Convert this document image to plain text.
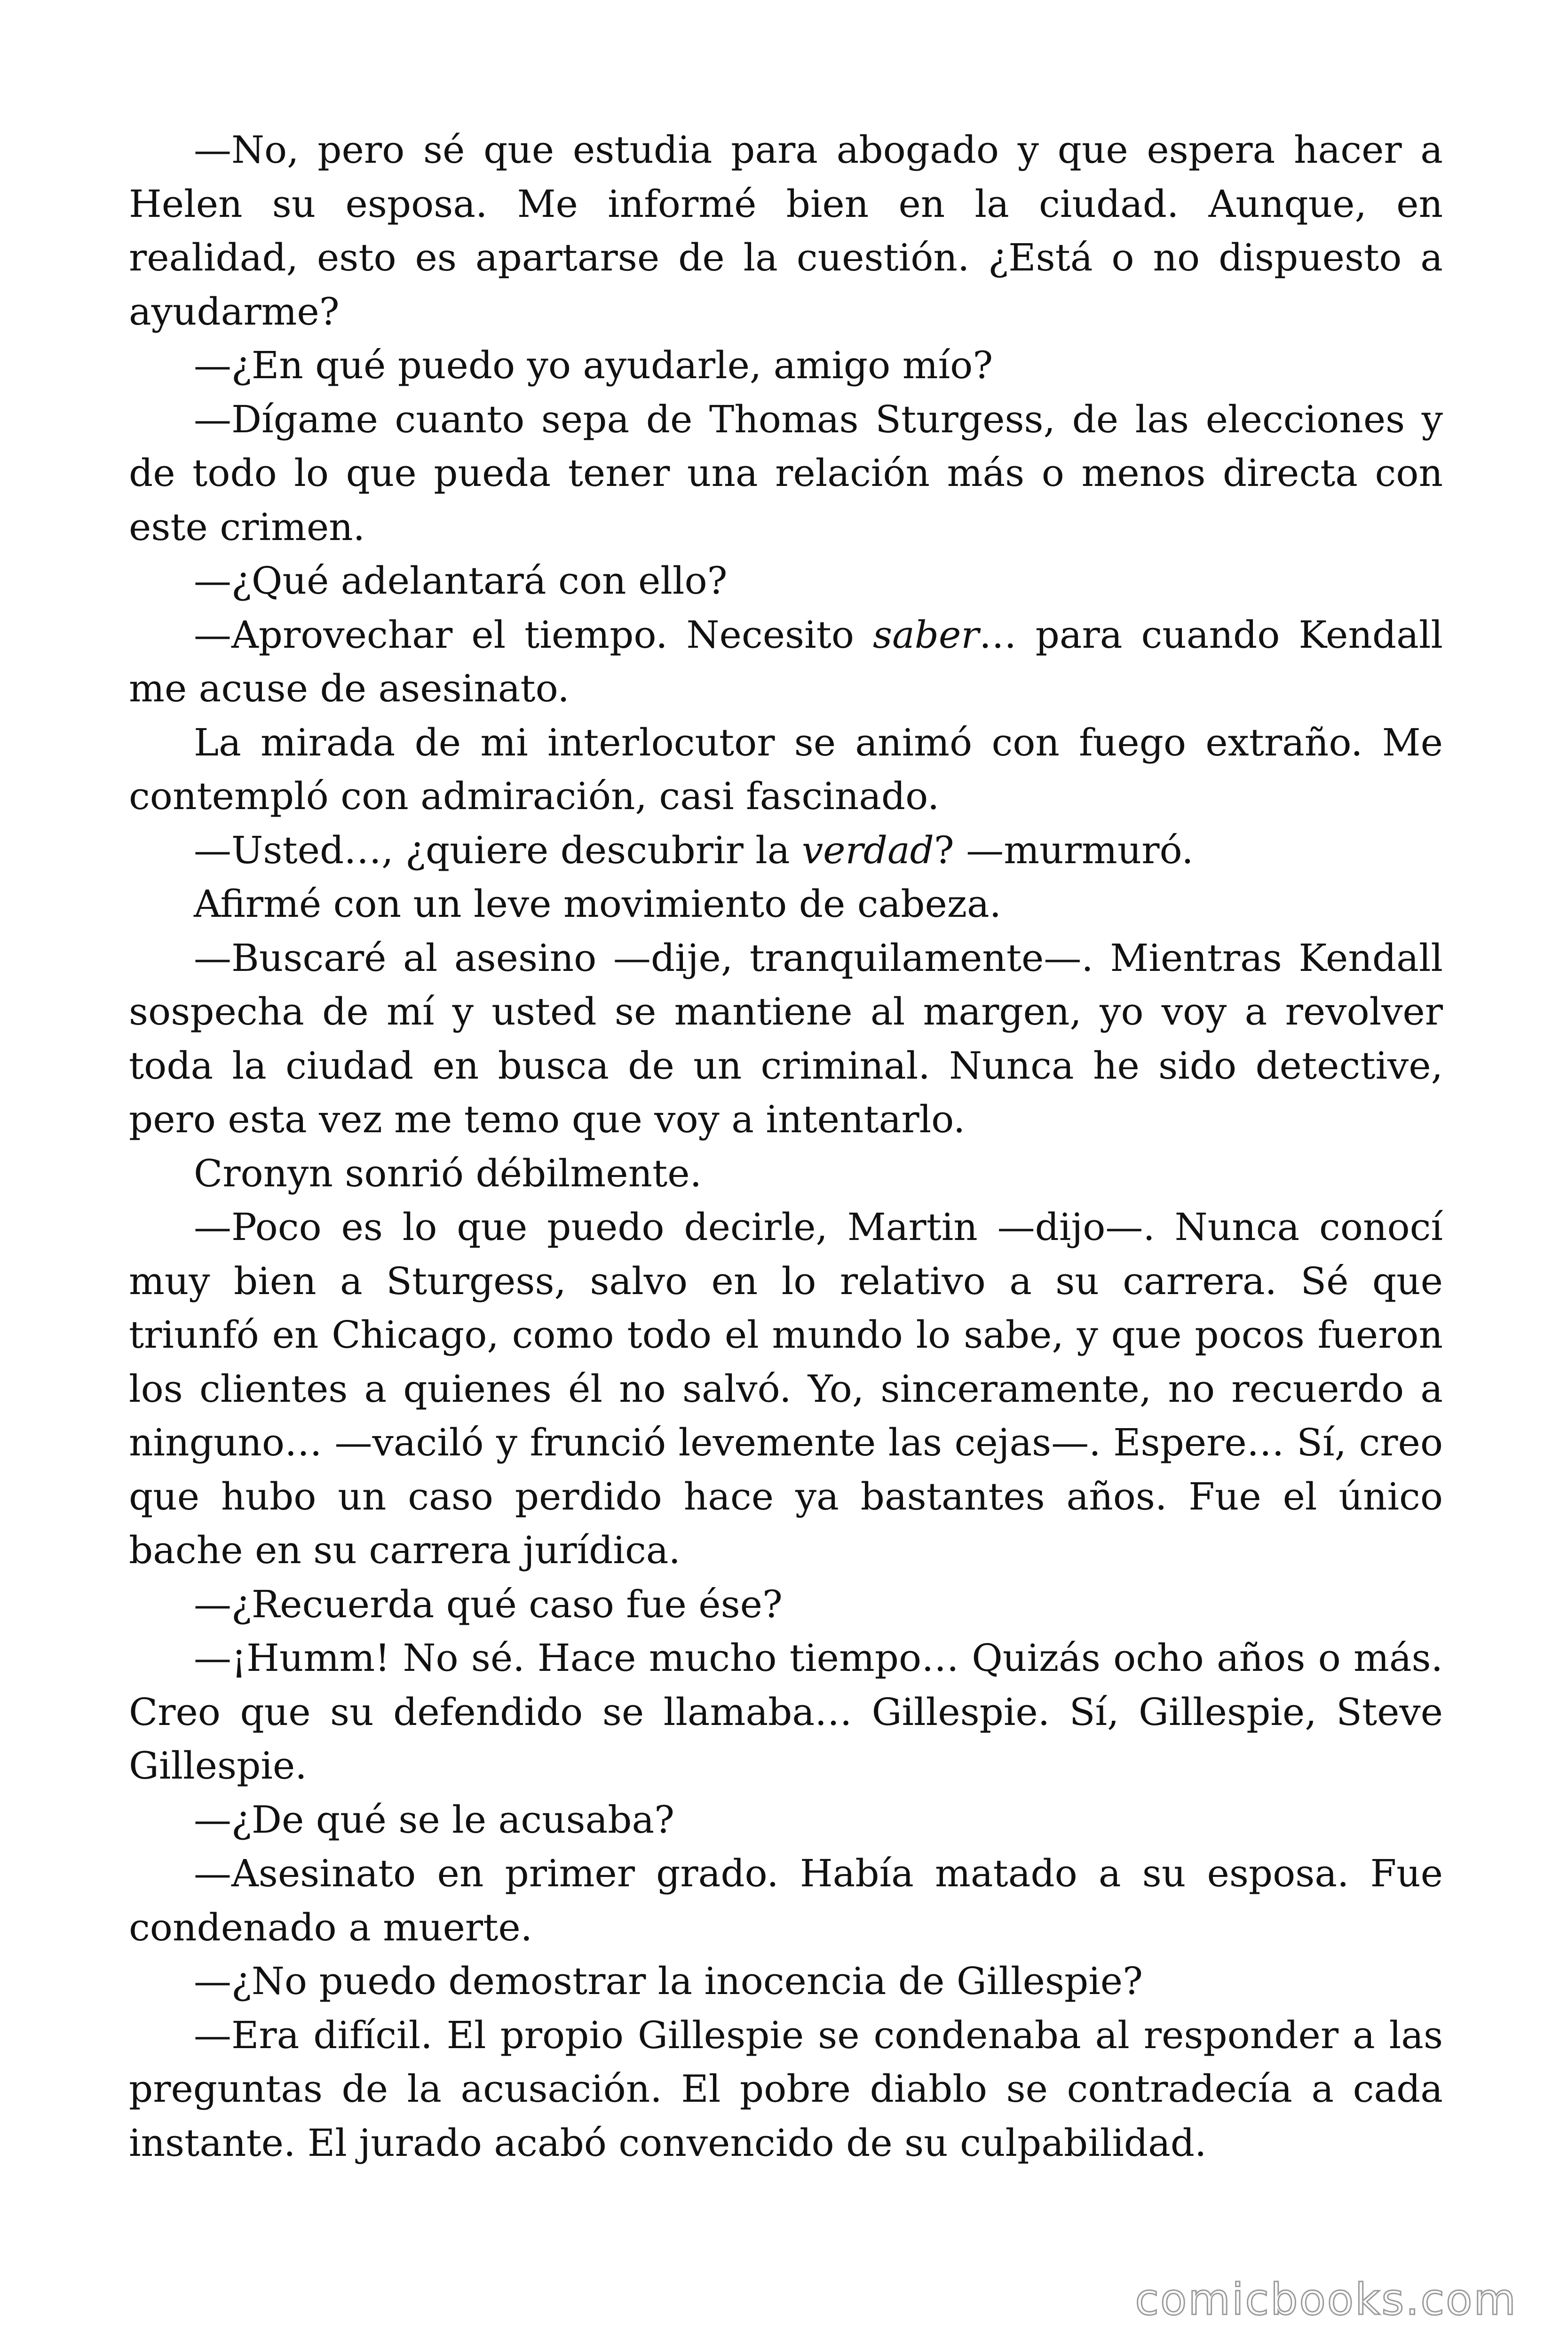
—No, pero sé que estudia para abogado y que espera hacer a Helen su esposa. Me informé bien en la ciudad. Aunque, en realidad, esto es apartarse de la cuestión. ¿Está o no dispuesto a ayudarme?

—¿En qué puedo yo ayudarle, amigo mío?

—Dígame cuanto sepa de Thomas Sturgess, de las elecciones y de todo lo que pueda tener una relación más o menos directa con este crimen.

—¿Qué adelantará con ello?

—Aprovechar el tiempo. Necesito saber… para cuando Kendall me acuse de asesinato.

La mirada de mi interlocutor se animó con fuego extraño. Me contempló con admiración, casi fascinado.

—Usted…, ¿quiere descubrir la verdad? —murmuró.

Afirmé con un leve movimiento de cabeza.

—Buscaré al asesino —dije, tranquilamente—. Mientras Kendall sospecha de mí y usted se mantiene al margen, yo voy a revolver toda la ciudad en busca de un criminal. Nunca he sido detective, pero esta vez me temo que voy a intentarlo.

Cronyn sonrió débilmente.

—Poco es lo que puedo decirle, Martin —dijo—. Nunca conocí muy bien a Sturgess, salvo en lo relativo a su carrera. Sé que triunfó en Chicago, como todo el mundo lo sabe, y que pocos fueron los clientes a quienes él no salvó. Yo, sinceramente, no recuerdo a ninguno… —vaciló y frunció levemente las cejas—. Espere… Sí, creo que hubo un caso perdido hace ya bastantes años. Fue el único bache en su carrera jurídica.

—¿Recuerda qué caso fue ése?

—¡Humm! No sé. Hace mucho tiempo… Quizás ocho años o más. Creo que su defendido se llamaba… Gillespie. Sí, Gillespie, Steve Gillespie.

—¿De qué se le acusaba?

—Asesinato en primer grado. Había matado a su esposa. Fue condenado a muerte.

—¿No puedo demostrar la inocencia de Gillespie?

—Era difícil. El propio Gillespie se condenaba al responder a las preguntas de la acusación. El pobre diablo se contradecía a cada instante. El jurado acabó convencido de su culpabilidad.

comicbooks.com
